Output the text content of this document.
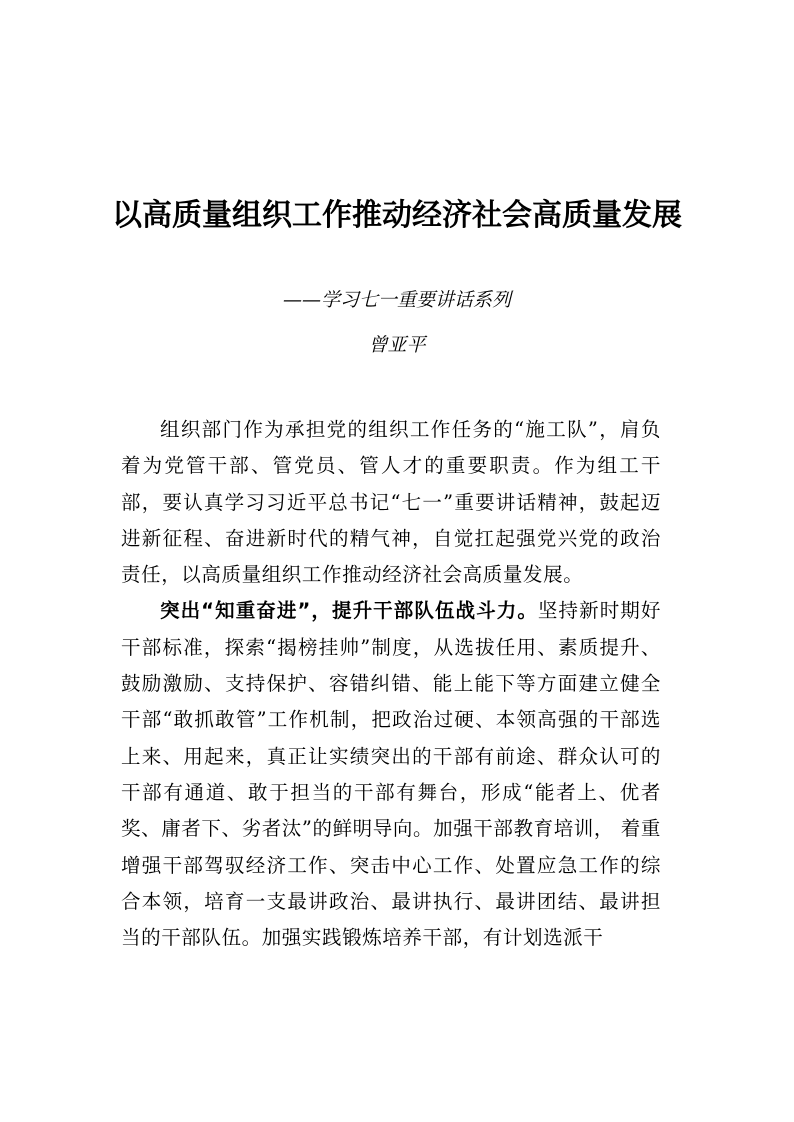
以高质量组织工作推动经济社会高质量发展

——学习七一重要讲话系列

曾亚平

组织部门作为承担党的组织工作任务的“施工队”，肩负着为党管干部、管党员、管人才的重要职责。作为组工干部，要认真学习习近平总书记“七一”重要讲话精神，鼓起迈进新征程、奋进新时代的精气神，自觉扛起强党兴党的政治责任，以高质量组织工作推动经济社会高质量发展。

突出“知重奋进”，提升干部队伍战斗力。坚持新时期好干部标准，探索“揭榜挂帅”制度，从选拔任用、素质提升、鼓励激励、支持保护、容错纠错、能上能下等方面建立健全干部“敢抓敢管”工作机制，把政治过硬、本领高强的干部选上来、用起来，真正让实绩突出的干部有前途、群众认可的干部有通道、敢于担当的干部有舞台，形成“能者上、优者奖、庸者下、劣者汰”的鲜明导向。加强干部教育培训， 着重增强干部驾驭经济工作、突击中心工作、处置应急工作的综合本领，培育一支最讲政治、最讲执行、最讲团结、最讲担当的干部队伍。加强实践锻炼培养干部，有计划选派干
